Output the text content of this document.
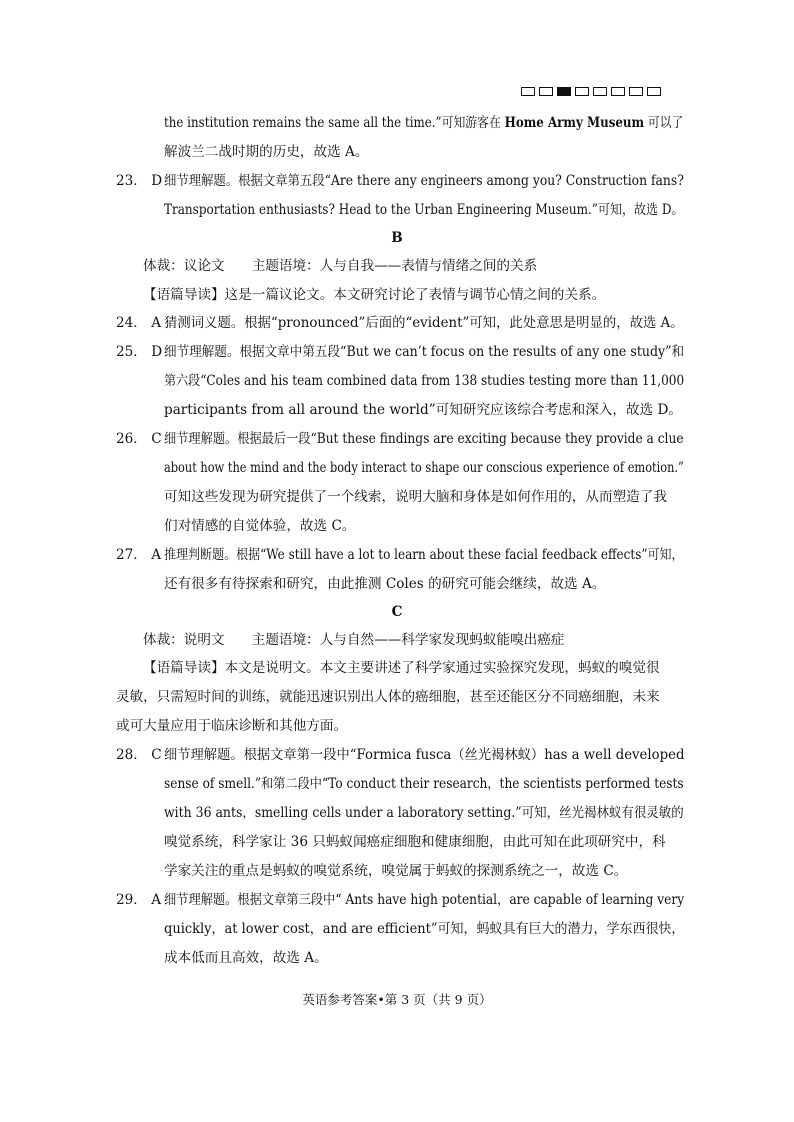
the institution remains the same all the time.”可知游客在 Home Army Museum 可以了
解波兰二战时期的历史，故选 A。
23． D 细节理解题。根据文章第五段“Are there any engineers among you? Construction fans?
Transportation enthusiasts? Head to the Urban Engineering Museum.”可知，故选 D。
B
体裁：议论文　　主题语境：人与自我——表情与情绪之间的关系
【语篇导读】这是一篇议论文。本文研究讨论了表情与调节心情之间的关系。
24． A 猜测词义题。根据“pronounced”后面的“evident”可知，此处意思是明显的，故选 A。
25． D 细节理解题。根据文章中第五段“But we can’t focus on the results of any one study”和
第六段“Coles and his team combined data from 138 studies testing more than 11,000
participants from all around the world”可知研究应该综合考虑和深入，故选 D。
26． C 细节理解题。根据最后一段“But these findings are exciting because they provide a clue
about how the mind and the body interact to shape our conscious experience of emotion.”
可知这些发现为研究提供了一个线索，说明大脑和身体是如何作用的，从而塑造了我
们对情感的自觉体验，故选 C。
27． A 推理判断题。根据“We still have a lot to learn about these facial feedback effects”可知，
还有很多有待探索和研究，由此推测 Coles 的研究可能会继续，故选 A。
C
体裁：说明文　　主题语境：人与自然——科学家发现蚂蚁能嗅出癌症
【语篇导读】本文是说明文。本文主要讲述了科学家通过实验探究发现，蚂蚁的嗅觉很
灵敏，只需短时间的训练，就能迅速识别出人体的癌细胞，甚至还能区分不同癌细胞，未来
或可大量应用于临床诊断和其他方面。
28． C 细节理解题。根据文章第一段中“Formica fusca（丝光褐林蚁）has a well developed
sense of smell.”和第二段中“To conduct their research，the scientists performed tests
with 36 ants，smelling cells under a laboratory setting.”可知，丝光褐林蚁有很灵敏的
嗅觉系统，科学家让 36 只蚂蚁闻癌症细胞和健康细胞，由此可知在此项研究中，科
学家关注的重点是蚂蚁的嗅觉系统，嗅觉属于蚂蚁的探测系统之一，故选 C。
29． A 细节理解题。根据文章第三段中“ Ants have high potential，are capable of learning very
quickly，at lower cost，and are efficient”可知，蚂蚁具有巨大的潜力，学东西很快，
成本低而且高效，故选 A。
英语参考答案•第 3 页（共 9 页）
